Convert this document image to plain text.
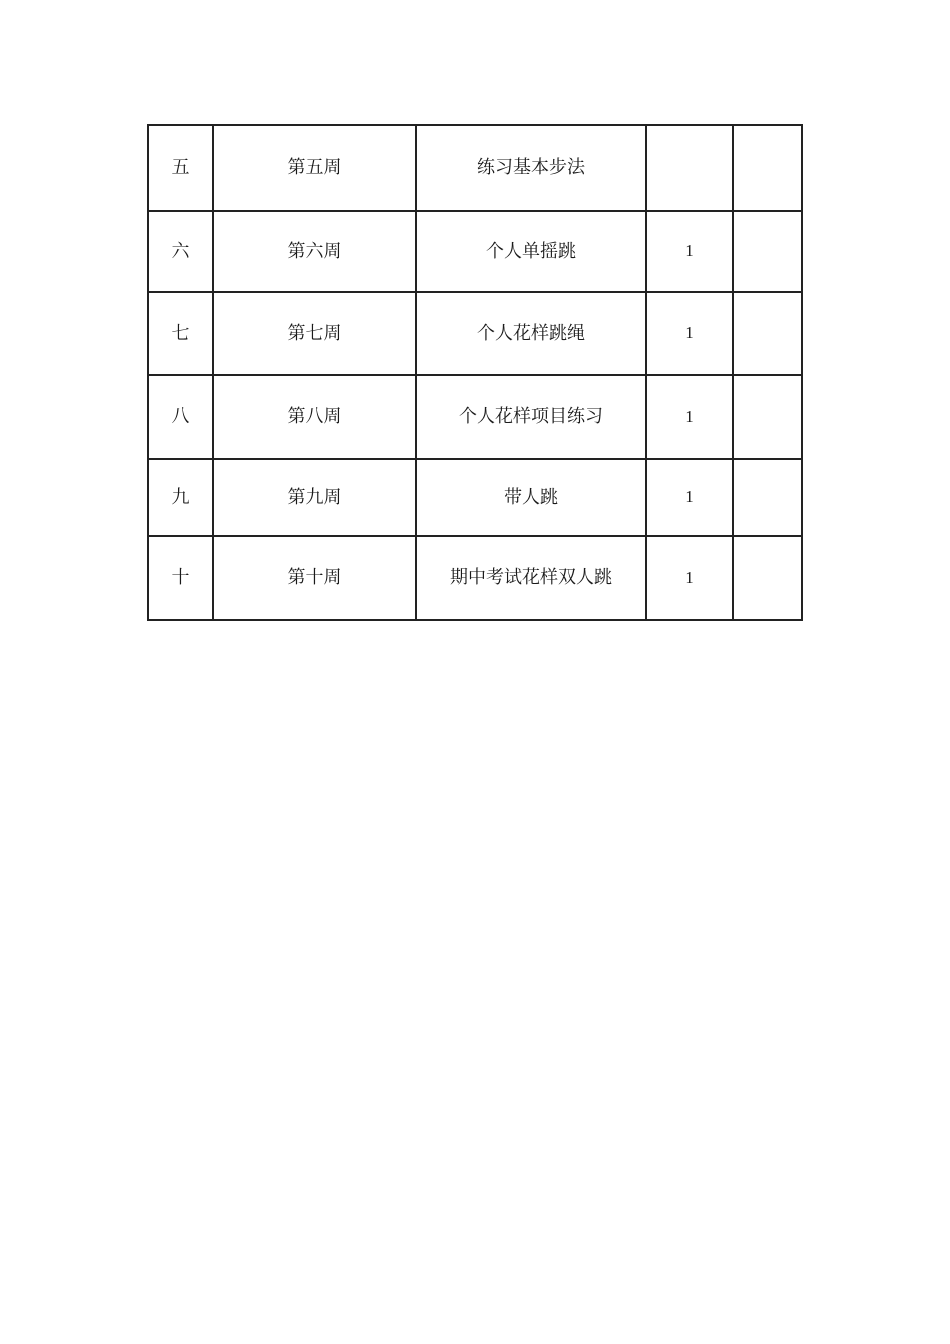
五	第五周	练习基本步法		
六	第六周	个人单摇跳	1	
七	第七周	个人花样跳绳	1	
八	第八周	个人花样项目练习	1	
九	第九周	带人跳	1	
十	第十周	期中考试花样双人跳	1	
